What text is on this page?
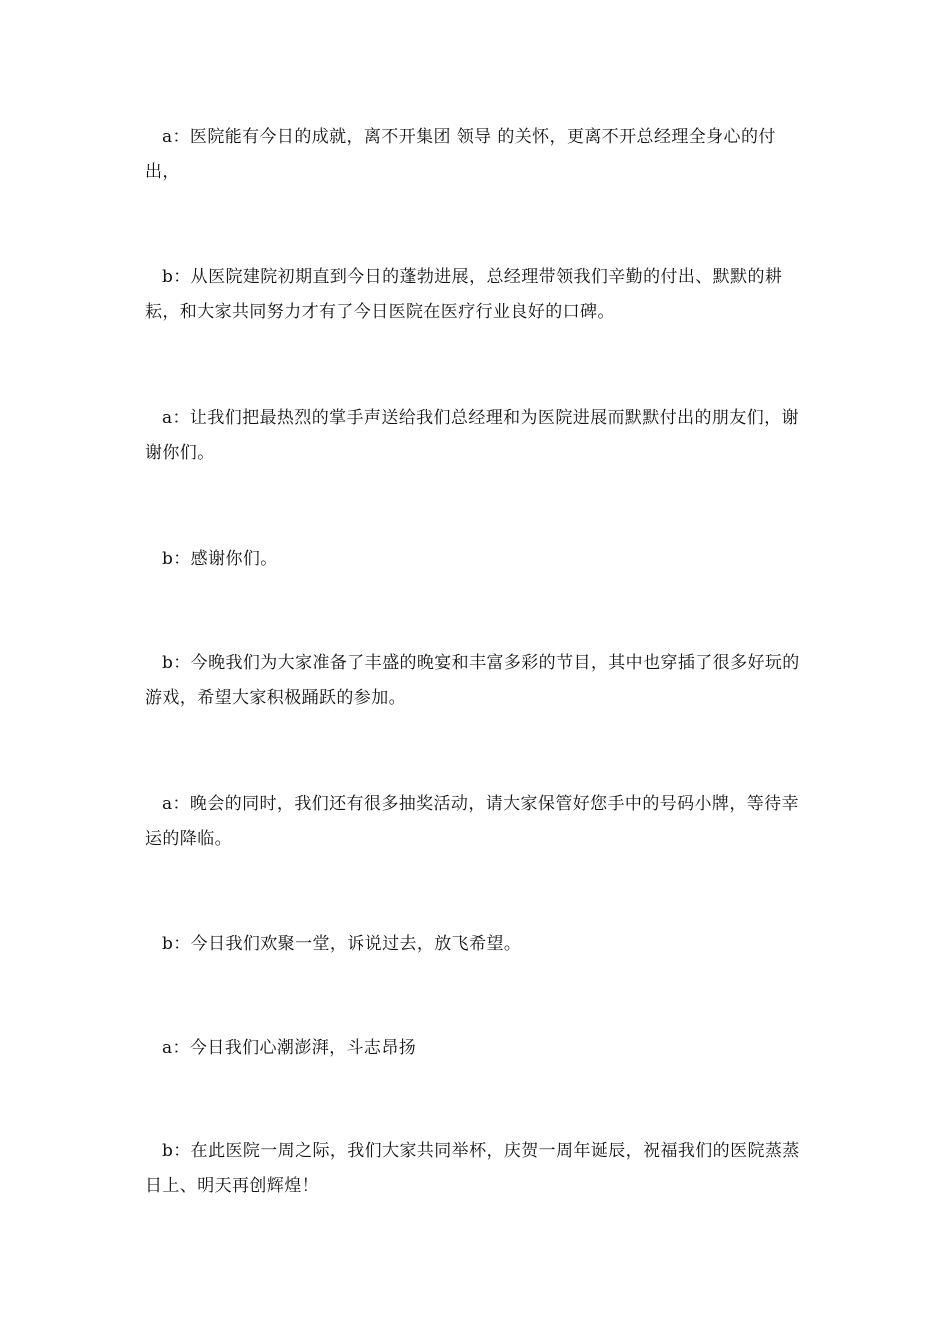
a：医院能有今日的成就，离不开集团 领导 的关怀，更离不开总经理全身心的付出，

b：从医院建院初期直到今日的蓬勃进展，总经理带领我们辛勤的付出、默默的耕耘，和大家共同努力才有了今日医院在医疗行业良好的口碑。

a：让我们把最热烈的掌手声送给我们总经理和为医院进展而默默付出的朋友们，谢谢你们。

b：感谢你们。

b：今晚我们为大家准备了丰盛的晚宴和丰富多彩的节目，其中也穿插了很多好玩的游戏，希望大家积极踊跃的参加。

a：晚会的同时，我们还有很多抽奖活动，请大家保管好您手中的号码小牌，等待幸运的降临。

b：今日我们欢聚一堂，诉说过去，放飞希望。

a：今日我们心潮澎湃，斗志昂扬

b：在此医院一周之际，我们大家共同举杯，庆贺一周年诞辰，祝福我们的医院蒸蒸日上、明天再创辉煌！
